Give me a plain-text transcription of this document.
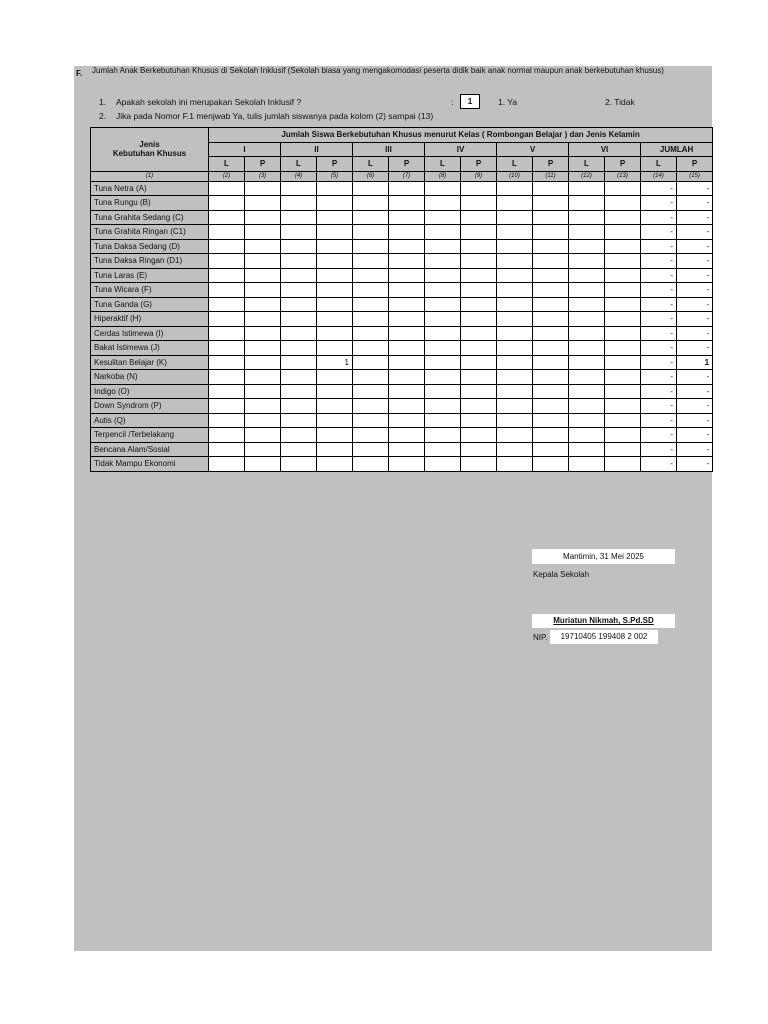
F. Jumlah Anak Berkebutuhan Khusus di Sekolah Inklusif (Sekolah biasa yang mengakomodasi peserta didik baik anak normal maupun anak berkebutuhan khusus)
1. Apakah sekolah ini merupakan Sekolah Inklusif ?	:	1	1. Ya	2. Tidak
2. Jika pada Nomor F.1 menjwab Ya, tulis jumlah siswanya pada kolom (2) sampai (13)
Jenis
Kebutuhan Khusus	Jumlah Siswa Berkebutuhan Khusus menurut Kelas ( Rombongan Belajar ) dan Jenis Kelamin													
	I		II		III		IV		V		VI		JUMLAH	
	L	P	L	P	L	P	L	P	L	P	L	P	L	P
(1)	(2)	(3)	(4)	(5)	(6)	(7)	(8)	(9)	(10)	(11)	(12)	(13)	(14)	(15)
Tuna Netra (A)													-	-
Tuna Rungu (B)													-	-
Tuna Grahita Sedang (C)													-	-
Tuna Grahita Ringan (C1)													-	-
Tuna Daksa Sedang (D)													-	-
Tuna Daksa Ringan (D1)													-	-
Tuna Laras (E)													-	-
Tuna Wicara (F)													-	-
Tuna Ganda (G)													-	-
Hiperaktif (H)													-	-
Cerdas Istimewa (I)													-	-
Bakat Istimewa (J)													-	-
Kesulitan Belajar (K)				1									-	1
Narkoba (N)													-	-
Indigo (O)													-	-
Down Syndrom (P)													-	-
Autis (Q)													-	-
Terpencil /Terbelakang													-	-
Bencana Alam/Sosial													-	-
Tidak Mampu Ekonomi													-	-
Mantimin, 31 Mei 2025
Kepala Sekolah
Muriatun Nikmah, S.Pd.SD
NIP.	19710405 199408 2 002
